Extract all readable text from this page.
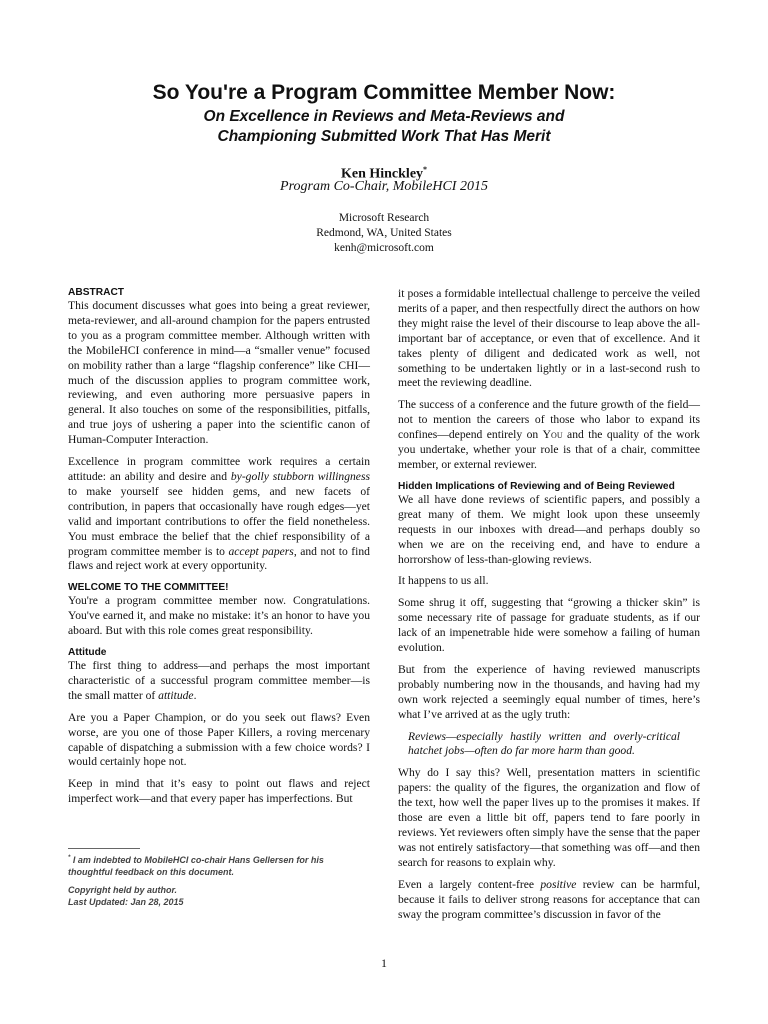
So You're a Program Committee Member Now:
On Excellence in Reviews and Meta-Reviews and
Championing Submitted Work That Has Merit
Ken Hinckley*
Program Co-Chair, MobileHCI 2015
Microsoft Research
Redmond, WA, United States
kenh@microsoft.com
ABSTRACT

This document discusses what goes into being a great reviewer, meta-reviewer, and all-around champion for the papers entrusted to you as a program committee member. Although written with the MobileHCI conference in mind—a “smaller venue” focused on mobility rather than a large “flagship conference” like CHI—much of the discussion applies to program committee work, reviewing, and even authoring more persuasive papers in general. It also touches on some of the responsibilities, pitfalls, and true joys of ushering a paper into the scientific canon of Human-Computer Interaction.

Excellence in program committee work requires a certain attitude: an ability and desire and by-golly stubborn willingness to make yourself see hidden gems, and new facets of contribution, in papers that occasionally have rough edges—yet valid and important contributions to offer the field nonetheless. You must embrace the belief that the chief responsibility of a program committee member is to accept papers, and not to find flaws and reject work at every opportunity.

WELCOME TO THE COMMITTEE!

You're a program committee member now. Congratulations. You've earned it, and make no mistake: it’s an honor to have you aboard. But with this role comes great responsibility.

Attitude

The first thing to address—and perhaps the most important characteristic of a successful program committee member—is the small matter of attitude.

Are you a Paper Champion, or do you seek out flaws? Even worse, are you one of those Paper Killers, a roving mercenary capable of dispatching a submission with a few choice words? I would certainly hope not.

Keep in mind that it’s easy to point out flaws and reject imperfect work—and that every paper has imperfections. But

* I am indebted to MobileHCI co-chair Hans Gellersen for his thoughtful feedback on this document.
Copyright held by author.
Last Updated: Jan 28, 2015

it poses a formidable intellectual challenge to perceive the veiled merits of a paper, and then respectfully direct the authors on how they might raise the level of their discourse to leap above the all-important bar of acceptance, or even that of excellence. And it takes plenty of diligent and dedicated work as well, not something to be undertaken lightly or in a last-second rush to meet the reviewing deadline.

The success of a conference and the future growth of the field—not to mention the careers of those who labor to expand its confines—depend entirely on You and the quality of the work you undertake, whether your role is that of a chair, committee member, or external reviewer.

Hidden Implications of Reviewing and of Being Reviewed

We all have done reviews of scientific papers, and possibly a great many of them. We might look upon these unseemly requests in our inboxes with dread—and perhaps doubly so when we are on the receiving end, and have to endure a horrorshow of less-than-glowing reviews.

It happens to us all.

Some shrug it off, suggesting that “growing a thicker skin” is some necessary rite of passage for graduate students, as if our lack of an impenetrable hide were somehow a failing of human evolution.

But from the experience of having reviewed manuscripts probably numbering now in the thousands, and having had my own work rejected a seemingly equal number of times, here’s what I’ve arrived at as the ugly truth:

Reviews—especially hastily written and overly-critical hatchet jobs—often do far more harm than good.

Why do I say this? Well, presentation matters in scientific papers: the quality of the figures, the organization and flow of the text, how well the paper lives up to the promises it makes. If those are even a little bit off, papers tend to fare poorly in reviews. Yet reviewers often simply have the sense that the paper was not entirely satisfactory—that something was off—and then search for reasons to explain why.

Even a largely content-free positive review can be harmful, because it fails to deliver strong reasons for acceptance that can sway the program committee’s discussion in favor of the

1
